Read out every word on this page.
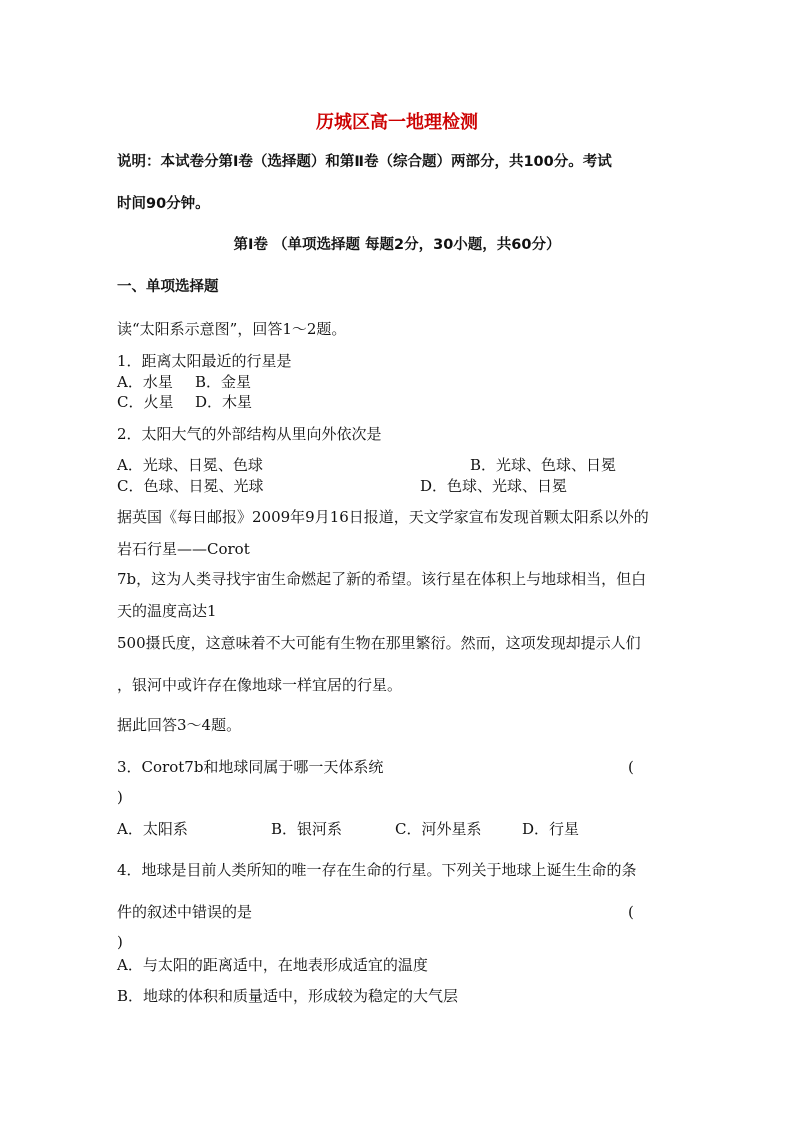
历城区高一地理检测
说明：本试卷分第Ⅰ卷（选择题）和第Ⅱ卷（综合题）两部分，共100分。考试
时间90分钟。
第Ⅰ卷 （单项选择题 每题2分，30小题，共60分）
一、单项选择题
读“太阳系示意图”，回答1～2题。
1．距离太阳最近的行星是
A．水星 B．金星
C．火星 D．木星
2．太阳大气的外部结构从里向外依次是
A．光球、日冕、色球	B．光球、色球、日冕
C．色球、日冕、光球	D．色球、光球、日冕
据英国《每日邮报》2009年9月16日报道，天文学家宣布发现首颗太阳系以外的
岩石行星——Corot
7b，这为人类寻找宇宙生命燃起了新的希望。该行星在体积上与地球相当，但白
天的温度高达1
500摄氏度，这意味着不大可能有生物在那里繁衍。然而，这项发现却提示人们
，银河中或许存在像地球一样宜居的行星。
据此回答3～4题。
3．Corot7b和地球同属于哪一天体系统	(
)
A．太阳系	B．银河系	C．河外星系	D．行星
4．地球是目前人类所知的唯一存在生命的行星。下列关于地球上诞生生命的条
件的叙述中错误的是	(
)
A．与太阳的距离适中，在地表形成适宜的温度
B．地球的体积和质量适中，形成较为稳定的大气层
